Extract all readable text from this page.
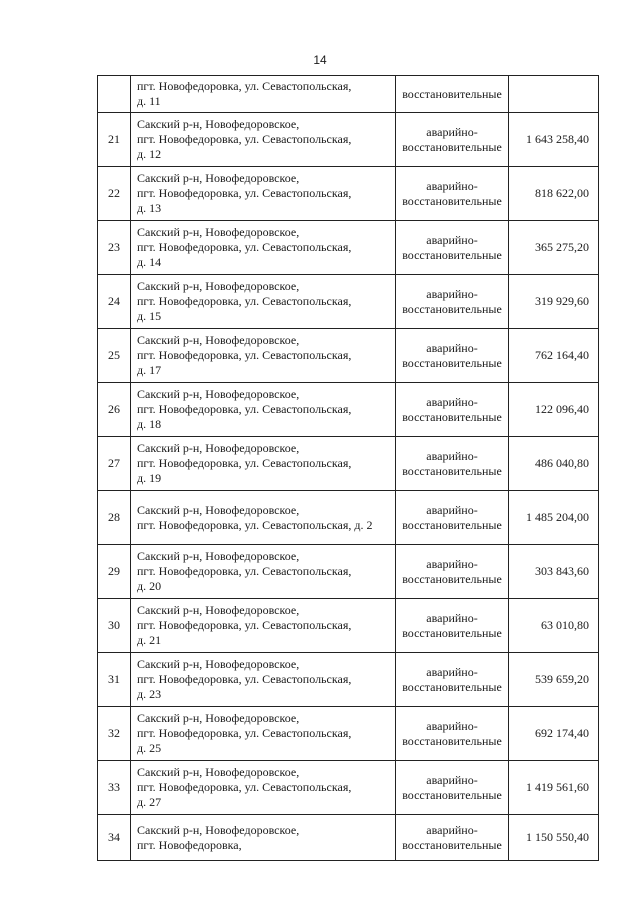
14
	пгт. Новофедоровка, ул. Севастопольская,
д. 11	восстановительные	

21	Сакский р-н, Новофедоровское,
пгт. Новофедоровка, ул. Севастопольская,
д. 12	аварийно-
восстановительные	1 643 258,40
22	Сакский р-н, Новофедоровское,
пгт. Новофедоровка, ул. Севастопольская,
д. 13	аварийно-
восстановительные	818 622,00
23	Сакский р-н, Новофедоровское,
пгт. Новофедоровка, ул. Севастопольская,
д. 14	аварийно-
восстановительные	365 275,20
24	Сакский р-н, Новофедоровское,
пгт. Новофедоровка, ул. Севастопольская,
д. 15	аварийно-
восстановительные	319 929,60
25	Сакский р-н, Новофедоровское,
пгт. Новофедоровка, ул. Севастопольская,
д. 17	аварийно-
восстановительные	762 164,40
26	Сакский р-н, Новофедоровское,
пгт. Новофедоровка, ул. Севастопольская,
д. 18	аварийно-
восстановительные	122 096,40
27	Сакский р-н, Новофедоровское,
пгт. Новофедоровка, ул. Севастопольская,
д. 19	аварийно-
восстановительные	486 040,80
28	Сакский р-н, Новофедоровское,
пгт. Новофедоровка, ул. Севастопольская, д. 2	аварийно-
восстановительные	1 485 204,00
29	Сакский р-н, Новофедоровское,
пгт. Новофедоровка, ул. Севастопольская,
д. 20	аварийно-
восстановительные	303 843,60
30	Сакский р-н, Новофедоровское,
пгт. Новофедоровка, ул. Севастопольская,
д. 21	аварийно-
восстановительные	63 010,80
31	Сакский р-н, Новофедоровское,
пгт. Новофедоровка, ул. Севастопольская,
д. 23	аварийно-
восстановительные	539 659,20
32	Сакский р-н, Новофедоровское,
пгт. Новофедоровка, ул. Севастопольская,
д. 25	аварийно-
восстановительные	692 174,40
33	Сакский р-н, Новофедоровское,
пгт. Новофедоровка, ул. Севастопольская,
д. 27	аварийно-
восстановительные	1 419 561,60
34	Сакский р-н, Новофедоровское,
пгт. Новофедоровка,	аварийно-
восстановительные	1 150 550,40
